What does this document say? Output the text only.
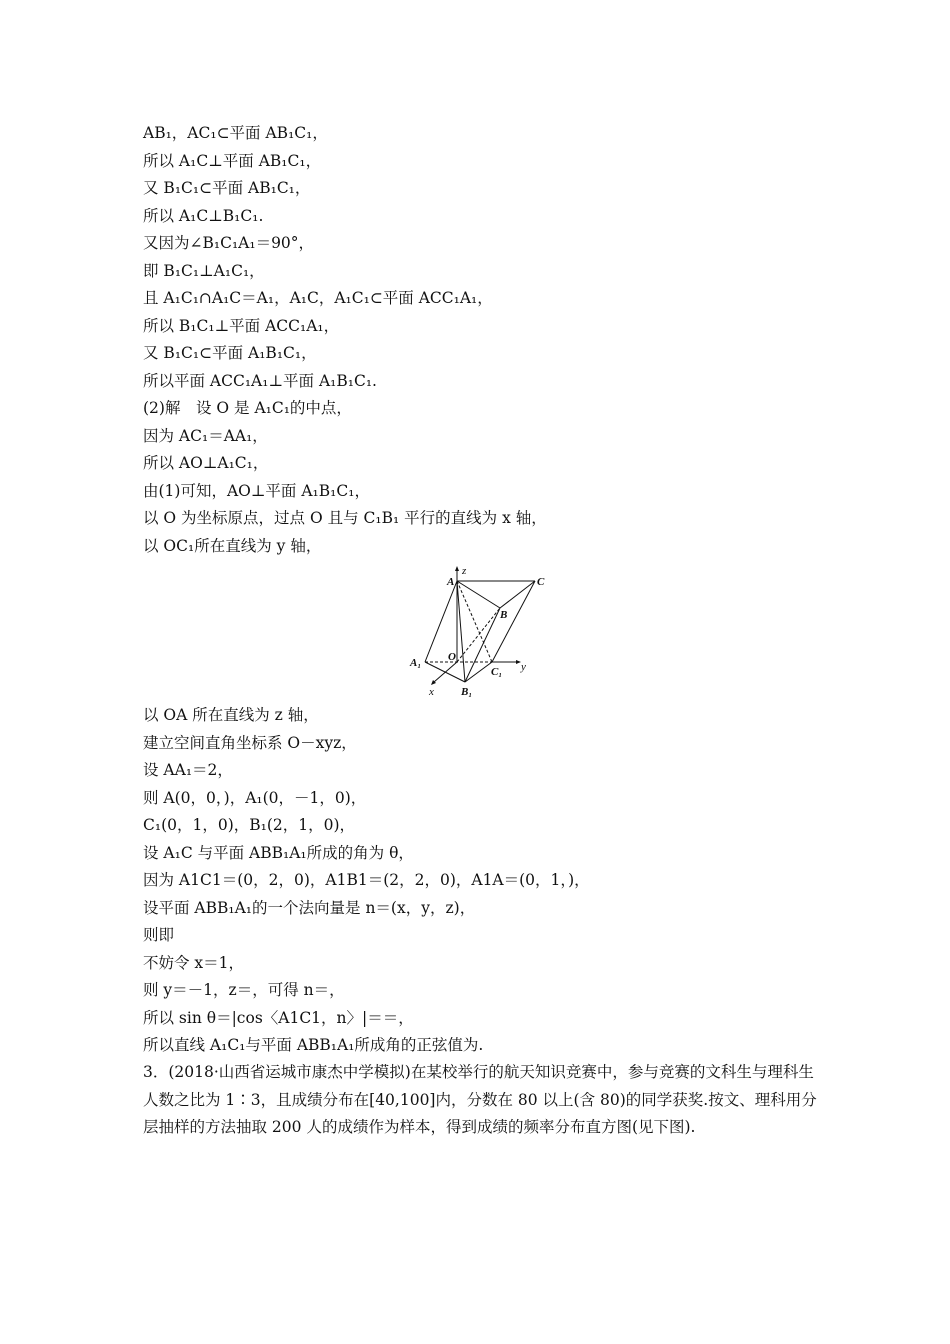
AB₁，AC₁⊂平面 AB₁C₁，
所以 A₁C⊥平面 AB₁C₁，
又 B₁C₁⊂平面 AB₁C₁，
所以 A₁C⊥B₁C₁.
又因为∠B₁C₁A₁＝90°，
即 B₁C₁⊥A₁C₁，
且 A₁C₁∩A₁C＝A₁，A₁C，A₁C₁⊂平面 ACC₁A₁，
所以 B₁C₁⊥平面 ACC₁A₁，
又 B₁C₁⊂平面 A₁B₁C₁，
所以平面 ACC₁A₁⊥平面 A₁B₁C₁.
(2)解　设 O 是 A₁C₁的中点，
因为 AC₁＝AA₁，
所以 AO⊥A₁C₁，
由(1)可知，AO⊥平面 A₁B₁C₁，
以 O 为坐标原点，过点 O 且与 C₁B₁ 平行的直线为 x 轴，
以 OC₁所在直线为 y 轴，
A	C
B
A₁ O
C₁
B₁
z
y
x
以 OA 所在直线为 z 轴，
建立空间直角坐标系 O－xyz，
设 AA₁＝2，
则 A(0，0，)，A₁(0，－1，0)，
C₁(0，1，0)，B₁(2，1，0)，
设 A₁C 与平面 ABB₁A₁所成的角为 θ，
因为 A1C1＝(0，2，0)，A1B1＝(2，2，0)，A1A＝(0，1，)，
设平面 ABB₁A₁的一个法向量是 n＝(x，y，z)，
则即
不妨令 x＝1，
则 y＝－1，z＝，可得 n＝，
所以 sin θ＝|cos〈A1C1，n〉|＝＝，
所以直线 A₁C₁与平面 ABB₁A₁所成角的正弦值为.
3．(2018·山西省运城市康杰中学模拟)在某校举行的航天知识竞赛中，参与竞赛的文科生与理科生人数之比为 1∶3，且成绩分布在[40,100]内，分数在 80 以上(含 80)的同学获奖.按文、理科用分层抽样的方法抽取 200 人的成绩作为样本，得到成绩的频率分布直方图(见下图).
